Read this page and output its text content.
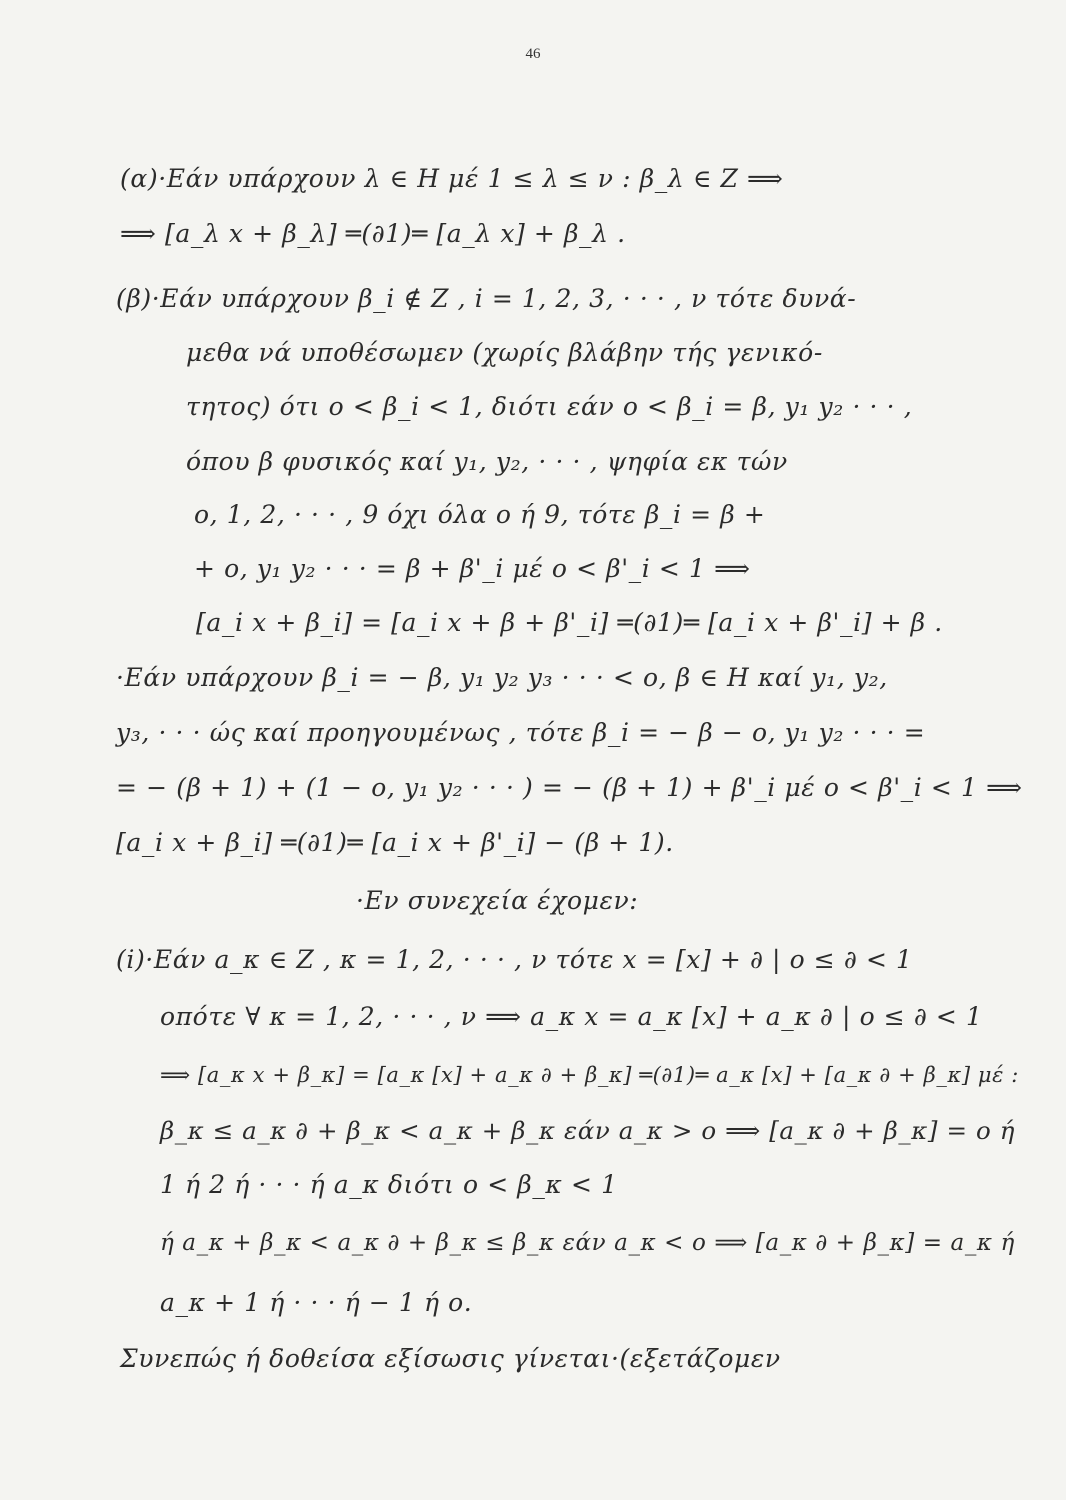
46
(α)·Εάν υπάρχουν λ ∈ Η μέ 1 ≤ λ ≤ ν : β_λ ∈ Ζ ⟹
⟹ [a_λ x + β_λ] ═(∂1)═ [a_λ x] + β_λ .
(β)·Εάν υπάρχουν β_i ∉ Ζ , i = 1, 2, 3, · · · , ν τότε δυνά-
μεθα νά υποθέσωμεν (χωρίς βλάβην τής γενικό-
τητος) ότι ο < β_i < 1, διότι εάν ο < β_i = β, y₁ y₂ · · · ,
όπου β φυσικός καί y₁, y₂, · · · , ψηφία εκ τών
ο, 1, 2, · · · , 9 όχι όλα ο ή 9, τότε β_i = β +
+ ο, y₁ y₂ · · · = β + β'_i μέ ο < β'_i < 1 ⟹
[a_i x + β_i] = [a_i x + β + β'_i] ═(∂1)═ [a_i x + β'_i] + β .
·Εάν υπάρχουν β_i = − β, y₁ y₂ y₃ · · · < ο, β ∈ Η καί y₁, y₂,
y₃, · · · ώς καί προηγουμένως , τότε β_i = − β − ο, y₁ y₂ · · · =
= − (β + 1) + (1 − ο, y₁ y₂ · · · ) = − (β + 1) + β'_i μέ ο < β'_i < 1 ⟹
[a_i x + β_i] ═(∂1)═ [a_i x + β'_i] − (β + 1).
·Εν συνεχεία έχομεν:
(i)·Εάν a_κ ∈ Ζ , κ = 1, 2, · · · , ν τότε x = [x] + ∂ | ο ≤ ∂ < 1
οπότε ∀ κ = 1, 2, · · · , ν ⟹ a_κ x = a_κ [x] + a_κ ∂ | ο ≤ ∂ < 1
⟹ [a_κ x + β_κ] = [a_κ [x] + a_κ ∂ + β_κ] ═(∂1)═ a_κ [x] + [a_κ ∂ + β_κ] μέ :
β_κ ≤ a_κ ∂ + β_κ < a_κ + β_κ εάν a_κ > ο ⟹ [a_κ ∂ + β_κ] = ο ή
1 ή 2 ή · · · ή a_κ διότι ο < β_κ < 1
ή a_κ + β_κ < a_κ ∂ + β_κ ≤ β_κ εάν a_κ < ο ⟹ [a_κ ∂ + β_κ] = a_κ ή
a_κ + 1 ή · · · ή − 1 ή ο.
Συνεπώς ή δοθείσα εξίσωσις γίνεται·(εξετάζομεν
